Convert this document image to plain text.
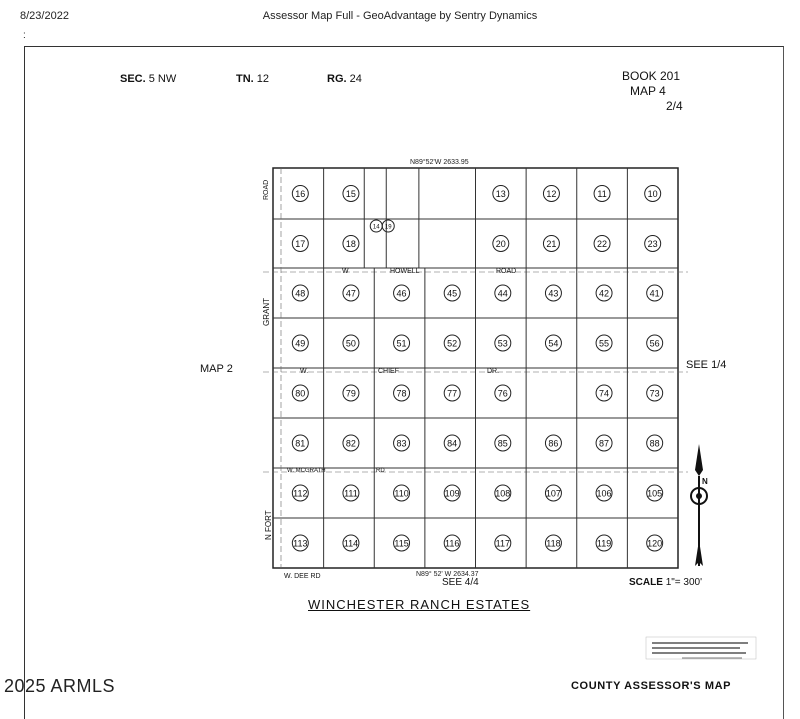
8/23/2022	Assessor Map Full - GeoAdvantage by Sentry Dynamics
:
SEC. 5 NW	TN. 12	RG. 24	BOOK 201
MAP 4
2/4
MAP 2	SEE 1/4
SEE 4/4
WINCHESTER RANCH ESTATES
SCALE 1"= 300'
COUNTY ASSESSOR'S MAP
2025 ARMLS
16	15	13	12	11	10
17	18	20	21	22	23
48	47	46	45	44	43	42	41
49	50	51	52	53	54	55	56
80	79	78	77	76	74	73
81	82	83	84	85	86	87	88
112	111	110	109	108	107	106	105
113	114	115	116	117	118	119	120
14 19
W	HOWELL	ROAD
W.	CHIEF	DR.
W. MCGRATH	RD
W. DEE RD
GRANT
N FORT
ROAD
N89°52'W 2633.95
N89° 52' W 2634.37
N
